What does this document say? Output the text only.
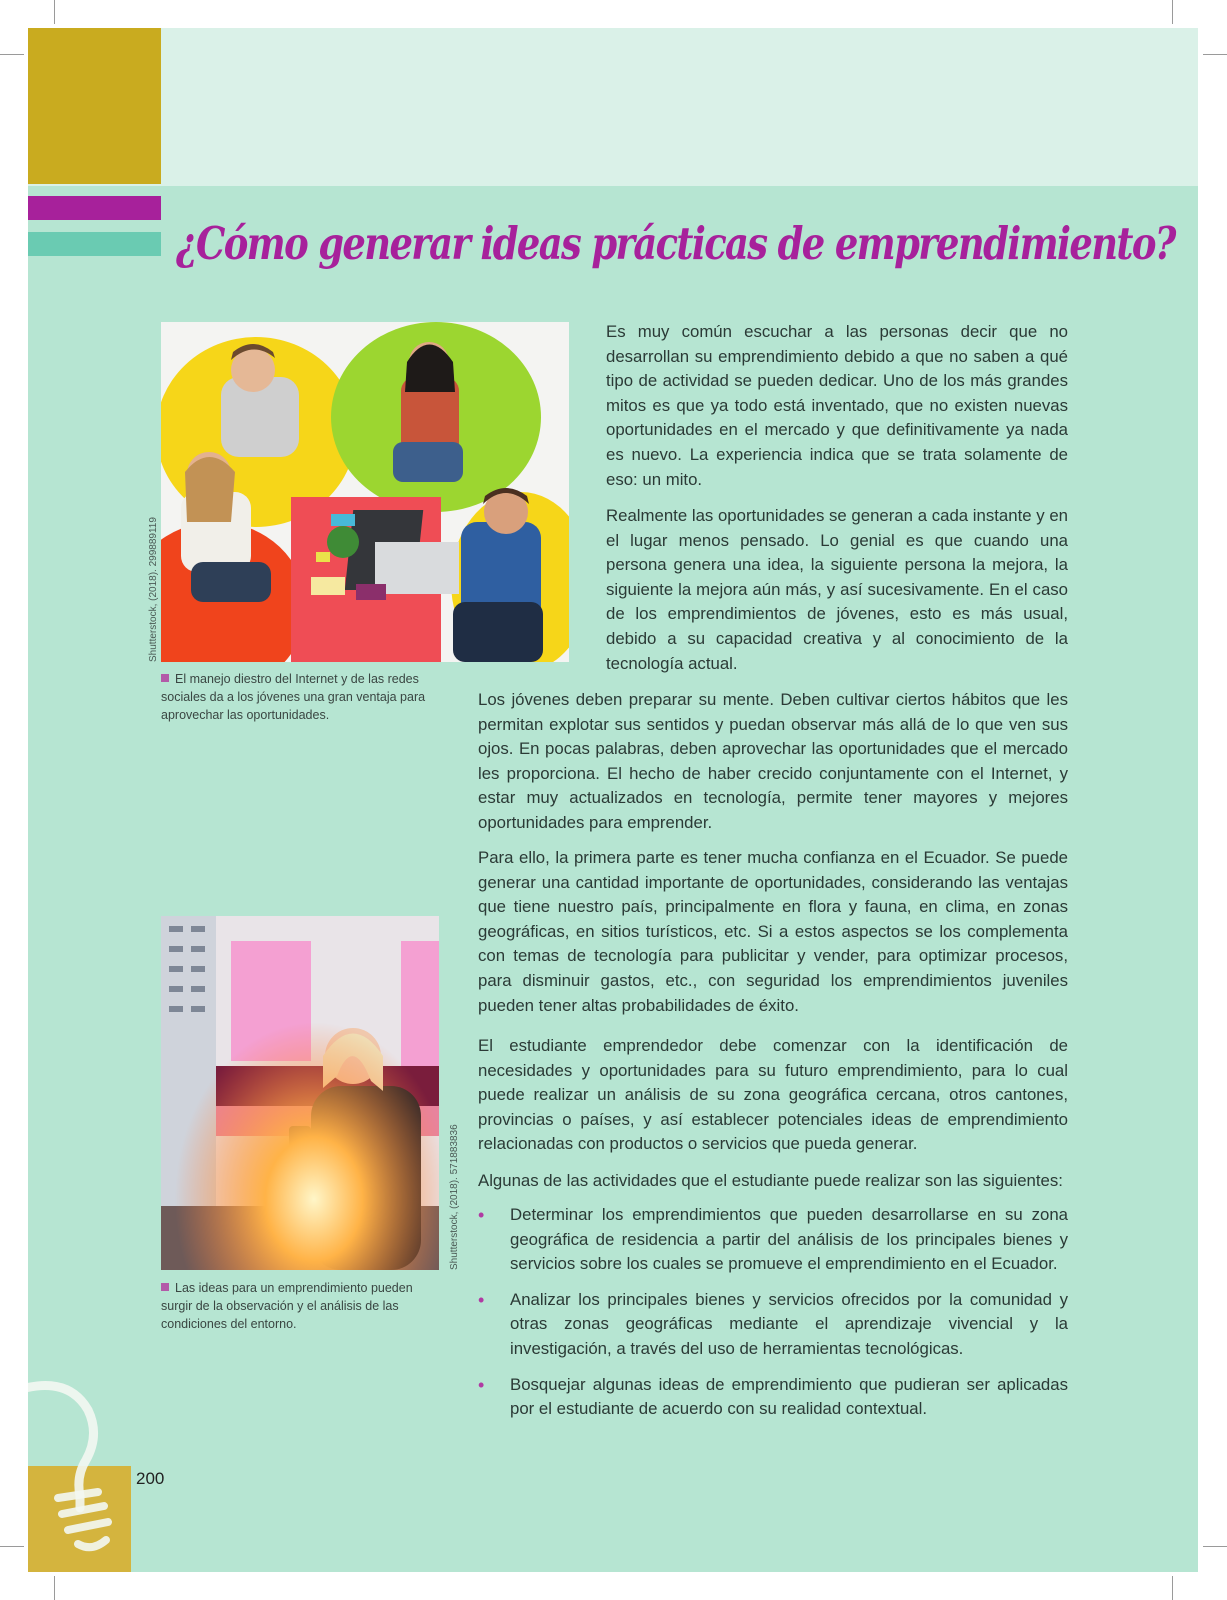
¿Cómo generar ideas prácticas de emprendimiento?
Shutterstock, (2018). 299889119

El manejo diestro del Internet y de las redes sociales da a los jóvenes una gran ventaja para aprovechar las oportunidades.

Shutterstock, (2018). 571883836

Las ideas para un emprendimiento pueden surgir de la observación y el análisis de las condiciones del entorno.

Es muy común escuchar a las personas decir que no desarrollan su emprendimiento debido a que no saben a qué tipo de actividad se pueden dedicar. Uno de los más grandes mitos es que ya todo está inventado, que no existen nuevas oportunidades en el mercado y que definitivamente ya nada es nuevo. La experiencia indica que se trata solamente de eso: un mito.

Realmente las oportunidades se generan a cada instante y en el lugar menos pensado. Lo genial es que cuando una persona genera una idea, la siguiente persona la mejora, la siguiente la mejora aún más, y así sucesivamente. En el caso de los emprendimientos de jóvenes, esto es más usual, debido a su capacidad creativa y al conocimiento de la tecnología actual.

Los jóvenes deben preparar su mente. Deben cultivar ciertos hábitos que les permitan explotar sus sentidos y puedan observar más allá de lo que ven sus ojos. En pocas palabras, deben aprovechar las oportunidades que el mercado les proporciona. El hecho de haber crecido conjuntamente con el Internet, y estar muy actualizados en tecnología, permite tener mayores y mejores oportunidades para emprender.

Para ello, la primera parte es tener mucha confianza en el Ecuador. Se puede generar una cantidad importante de oportunidades, considerando las ventajas que tiene nuestro país, principalmente en flora y fauna, en clima, en zonas geográficas, en sitios turísticos, etc. Si a estos aspectos se los complementa con temas de tecnología para publicitar y vender, para optimizar procesos, para disminuir gastos, etc., con seguridad los emprendimientos juveniles pueden tener altas probabilidades de éxito.

El estudiante emprendedor debe comenzar con la identificación de necesidades y oportunidades para su futuro emprendimiento, para lo cual puede realizar un análisis de su zona geográfica cercana, otros cantones, provincias o países, y así establecer potenciales ideas de emprendimiento relacionadas con productos o servicios que pueda generar.

Algunas de las actividades que el estudiante puede realizar son las siguientes:

• Determinar los emprendimientos que pueden desarrollarse en su zona geográfica de residencia a partir del análisis de los principales bienes y servicios sobre los cuales se promueve el emprendimiento en el Ecuador.
• Analizar los principales bienes y servicios ofrecidos por la comunidad y otras zonas geográficas mediante el aprendizaje vivencial y la investigación, a través del uso de herramientas tecnológicas.
• Bosquejar algunas ideas de emprendimiento que pudieran ser aplicadas por el estudiante de acuerdo con su realidad contextual.
200
